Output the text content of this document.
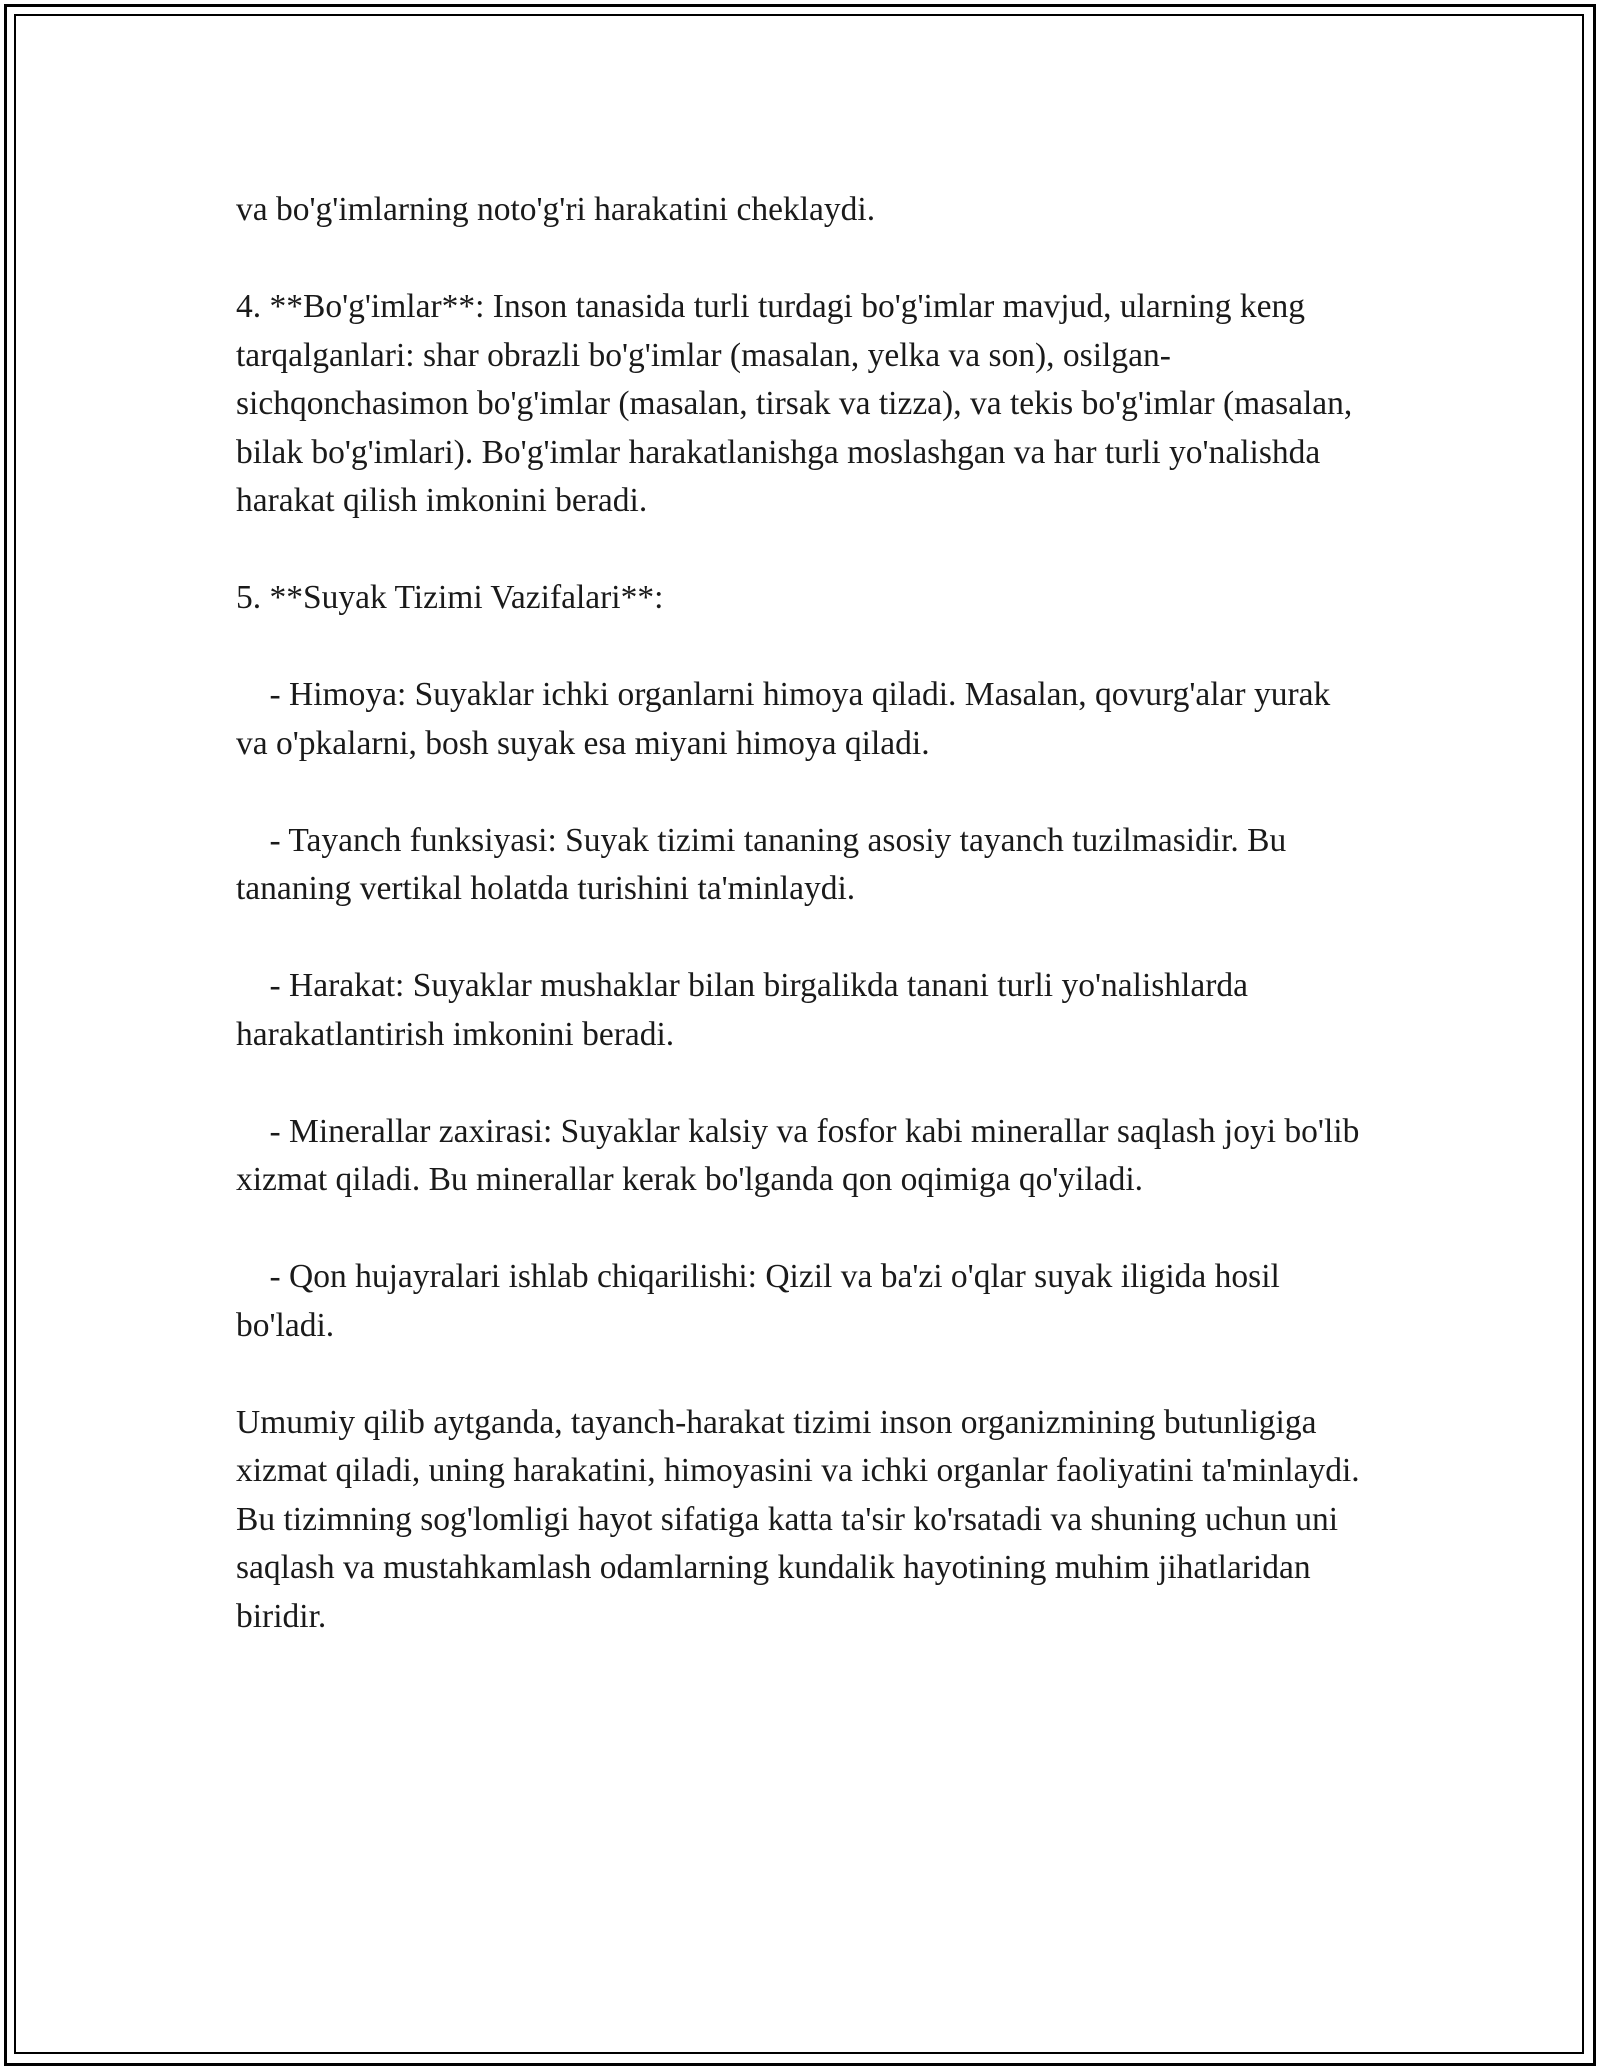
va bo'g'imlarning noto'g'ri harakatini cheklaydi.

4. **Bo'g'imlar**: Inson tanasida turli turdagi bo'g'imlar mavjud, ularning keng tarqalganlari: shar obrazli bo'g'imlar (masalan, yelka va son), osilgan-sichqonchasimon bo'g'imlar (masalan, tirsak va tizza), va tekis bo'g'imlar (masalan, bilak bo'g'imlari). Bo'g'imlar harakatlanishga moslashgan va har turli yo'nalishda harakat qilish imkonini beradi.

5. **Suyak Tizimi Vazifalari**:

- Himoya: Suyaklar ichki organlarni himoya qiladi. Masalan, qovurg'alar yurak va o'pkalarni, bosh suyak esa miyani himoya qiladi.

- Tayanch funksiyasi: Suyak tizimi tananing asosiy tayanch tuzilmasidir. Bu tananing vertikal holatda turishini ta'minlaydi.

- Harakat: Suyaklar mushaklar bilan birgalikda tanani turli yo'nalishlarda harakatlantirish imkonini beradi.

- Minerallar zaxirasi: Suyaklar kalsiy va fosfor kabi minerallar saqlash joyi bo'lib xizmat qiladi. Bu minerallar kerak bo'lganda qon oqimiga qo'yiladi.

- Qon hujayralari ishlab chiqarilishi: Qizil va ba'zi o'qlar suyak iligida hosil bo'ladi.

Umumiy qilib aytganda, tayanch-harakat tizimi inson organizmining butunligiga xizmat qiladi, uning harakatini, himoyasini va ichki organlar faoliyatini ta'minlaydi. Bu tizimning sog'lomligi hayot sifatiga katta ta'sir ko'rsatadi va shuning uchun uni saqlash va mustahkamlash odamlarning kundalik hayotining muhim jihatlaridan biridir.
